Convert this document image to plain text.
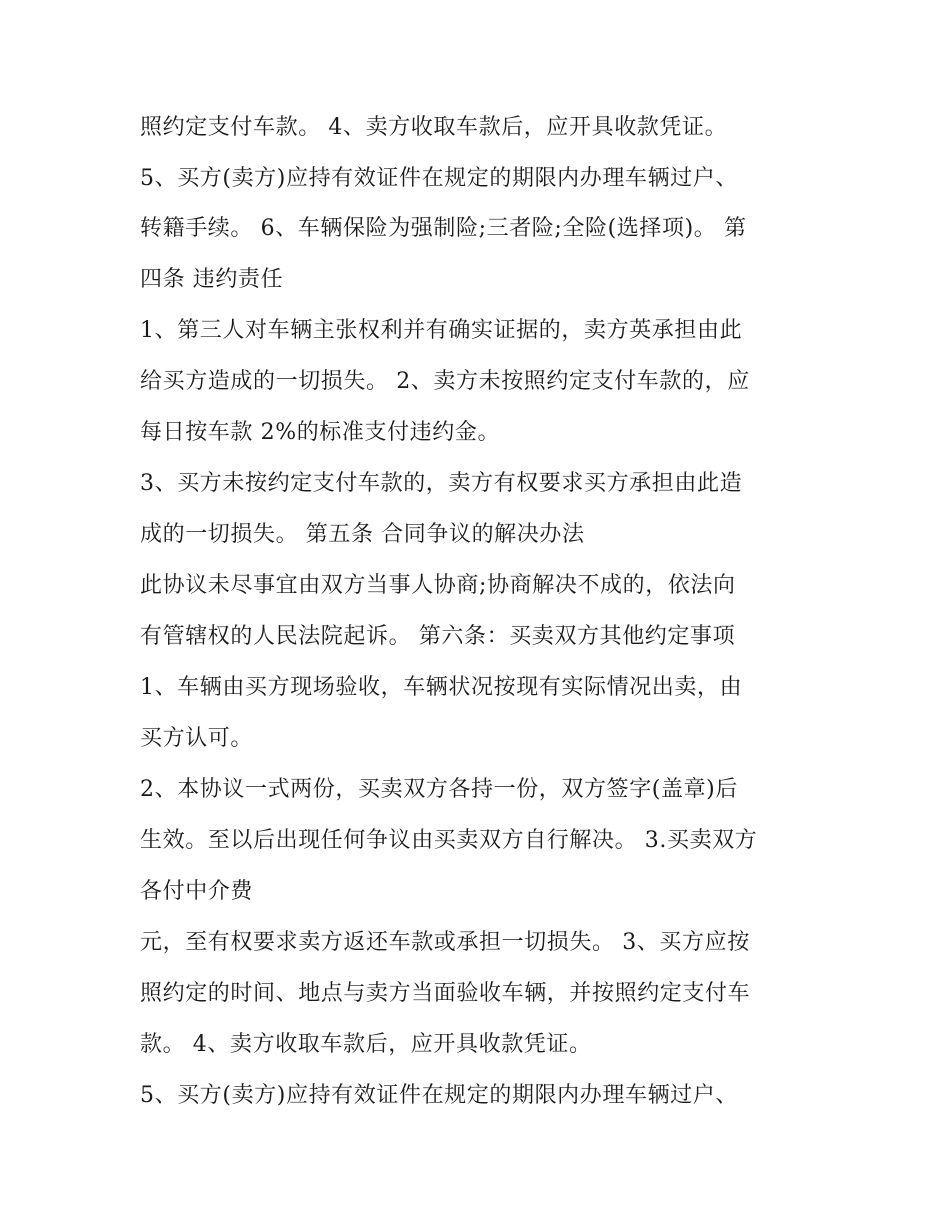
照约定支付车款。 4、卖方收取车款后，应开具收款凭证。
5、买方(卖方)应持有效证件在规定的期限内办理车辆过户、
转籍手续。 6、车辆保险为强制险;三者险;全险(选择项)。 第
四条 违约责任
1、第三人对车辆主张权利并有确实证据的，卖方英承担由此
给买方造成的一切损失。 2、卖方未按照约定支付车款的，应
每日按车款 2%的标准支付违约金。
3、买方未按约定支付车款的，卖方有权要求买方承担由此造
成的一切损失。 第五条 合同争议的解决办法
此协议未尽事宜由双方当事人协商;协商解决不成的，依法向
有管辖权的人民法院起诉。 第六条：买卖双方其他约定事项
1、车辆由买方现场验收，车辆状况按现有实际情况出卖，由
买方认可。
2、本协议一式两份，买卖双方各持一份，双方签字(盖章)后
生效。至以后出现任何争议由买卖双方自行解决。 3.买卖双方
各付中介费
元，至有权要求卖方返还车款或承担一切损失。 3、买方应按
照约定的时间、地点与卖方当面验收车辆，并按照约定支付车
款。 4、卖方收取车款后，应开具收款凭证。
5、买方(卖方)应持有效证件在规定的期限内办理车辆过户、
